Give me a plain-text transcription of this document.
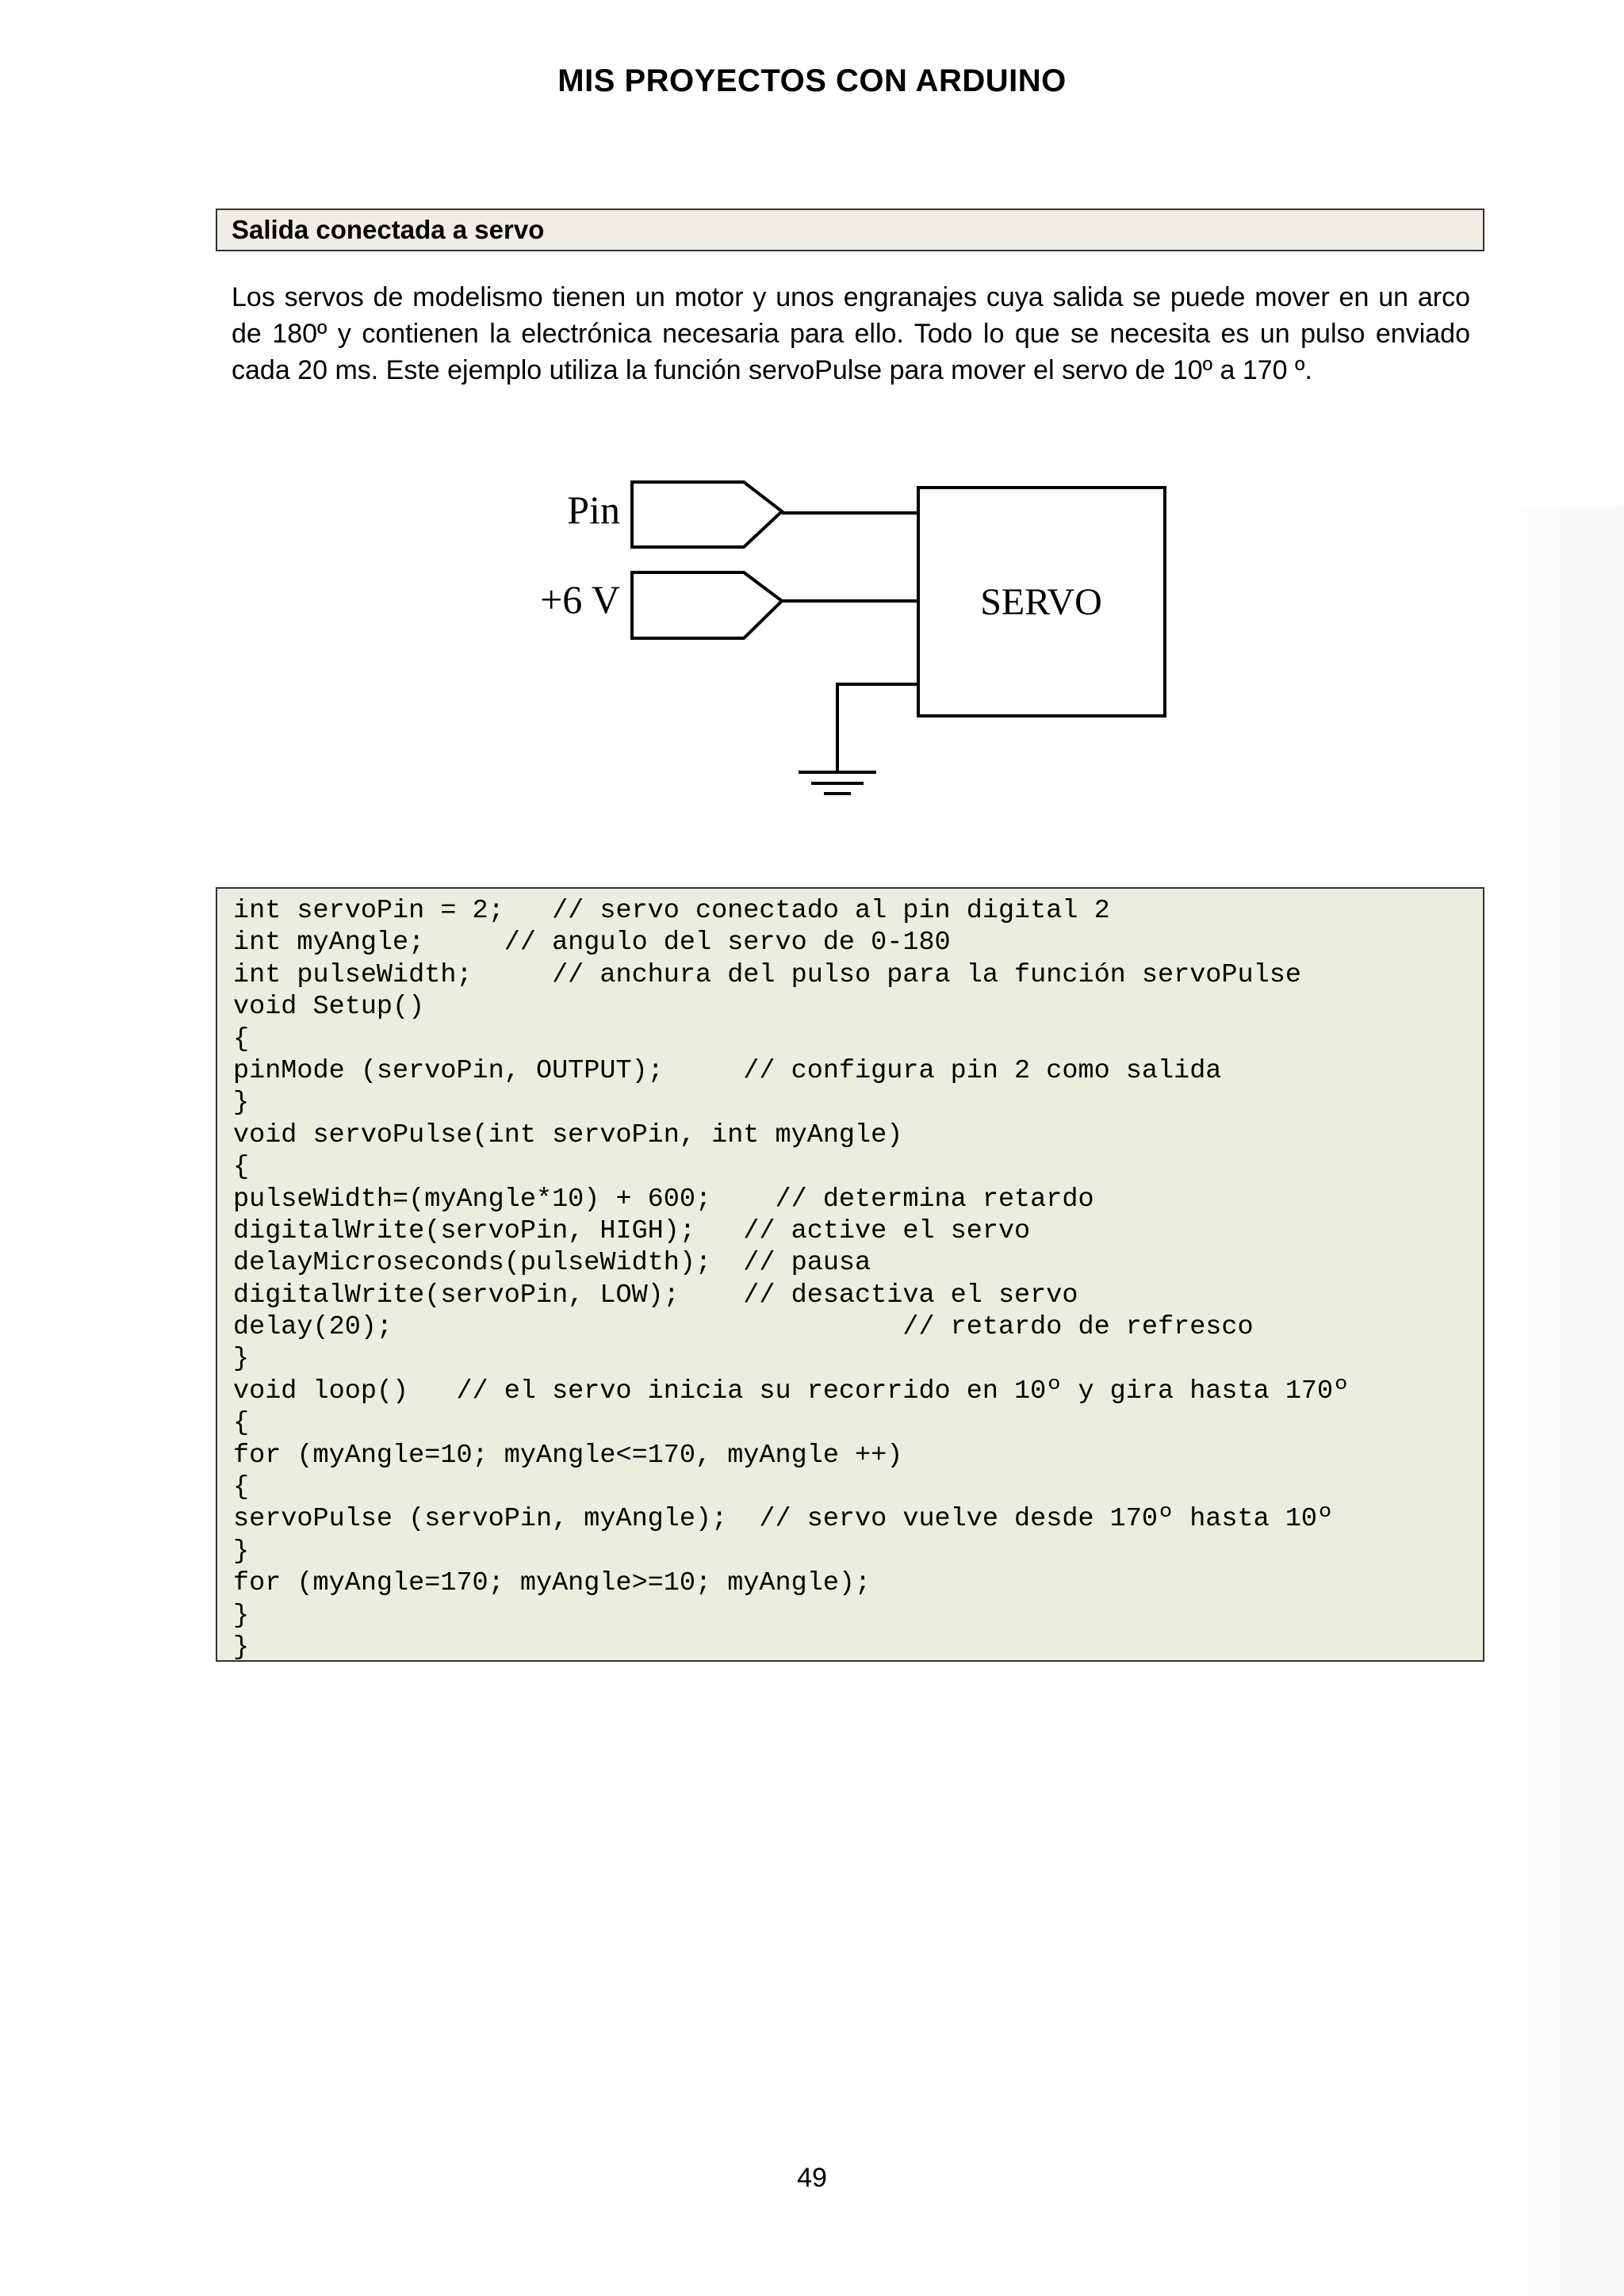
MIS PROYECTOS CON ARDUINO
Salida conectada a servo
Los servos de modelismo tienen un motor y unos engranajes cuya salida se puede mover en un arco de 180º y contienen la electrónica necesaria para ello. Todo lo que se necesita es un pulso enviado cada 20 ms. Este ejemplo utiliza la función servoPulse para mover el servo de 10º a 170 º.
Pin
+6 V	SERVO
int servoPin = 2;   // servo conectado al pin digital 2
int myAngle;     // angulo del servo de 0-180
int pulseWidth;     // anchura del pulso para la función servoPulse
void Setup()
{
pinMode (servoPin, OUTPUT);     // configura pin 2 como salida
}
void servoPulse(int servoPin, int myAngle)
{
pulseWidth=(myAngle*10) + 600;    // determina retardo
digitalWrite(servoPin, HIGH);   // active el servo
delayMicroseconds(pulseWidth);  // pausa
digitalWrite(servoPin, LOW);    // desactiva el servo
delay(20);                                // retardo de refresco
}
void loop()   // el servo inicia su recorrido en 10º y gira hasta 170º
{
for (myAngle=10; myAngle<=170, myAngle ++)
{
servoPulse (servoPin, myAngle);  // servo vuelve desde 170º hasta 10º
}
for (myAngle=170; myAngle>=10; myAngle);
}
}
49
